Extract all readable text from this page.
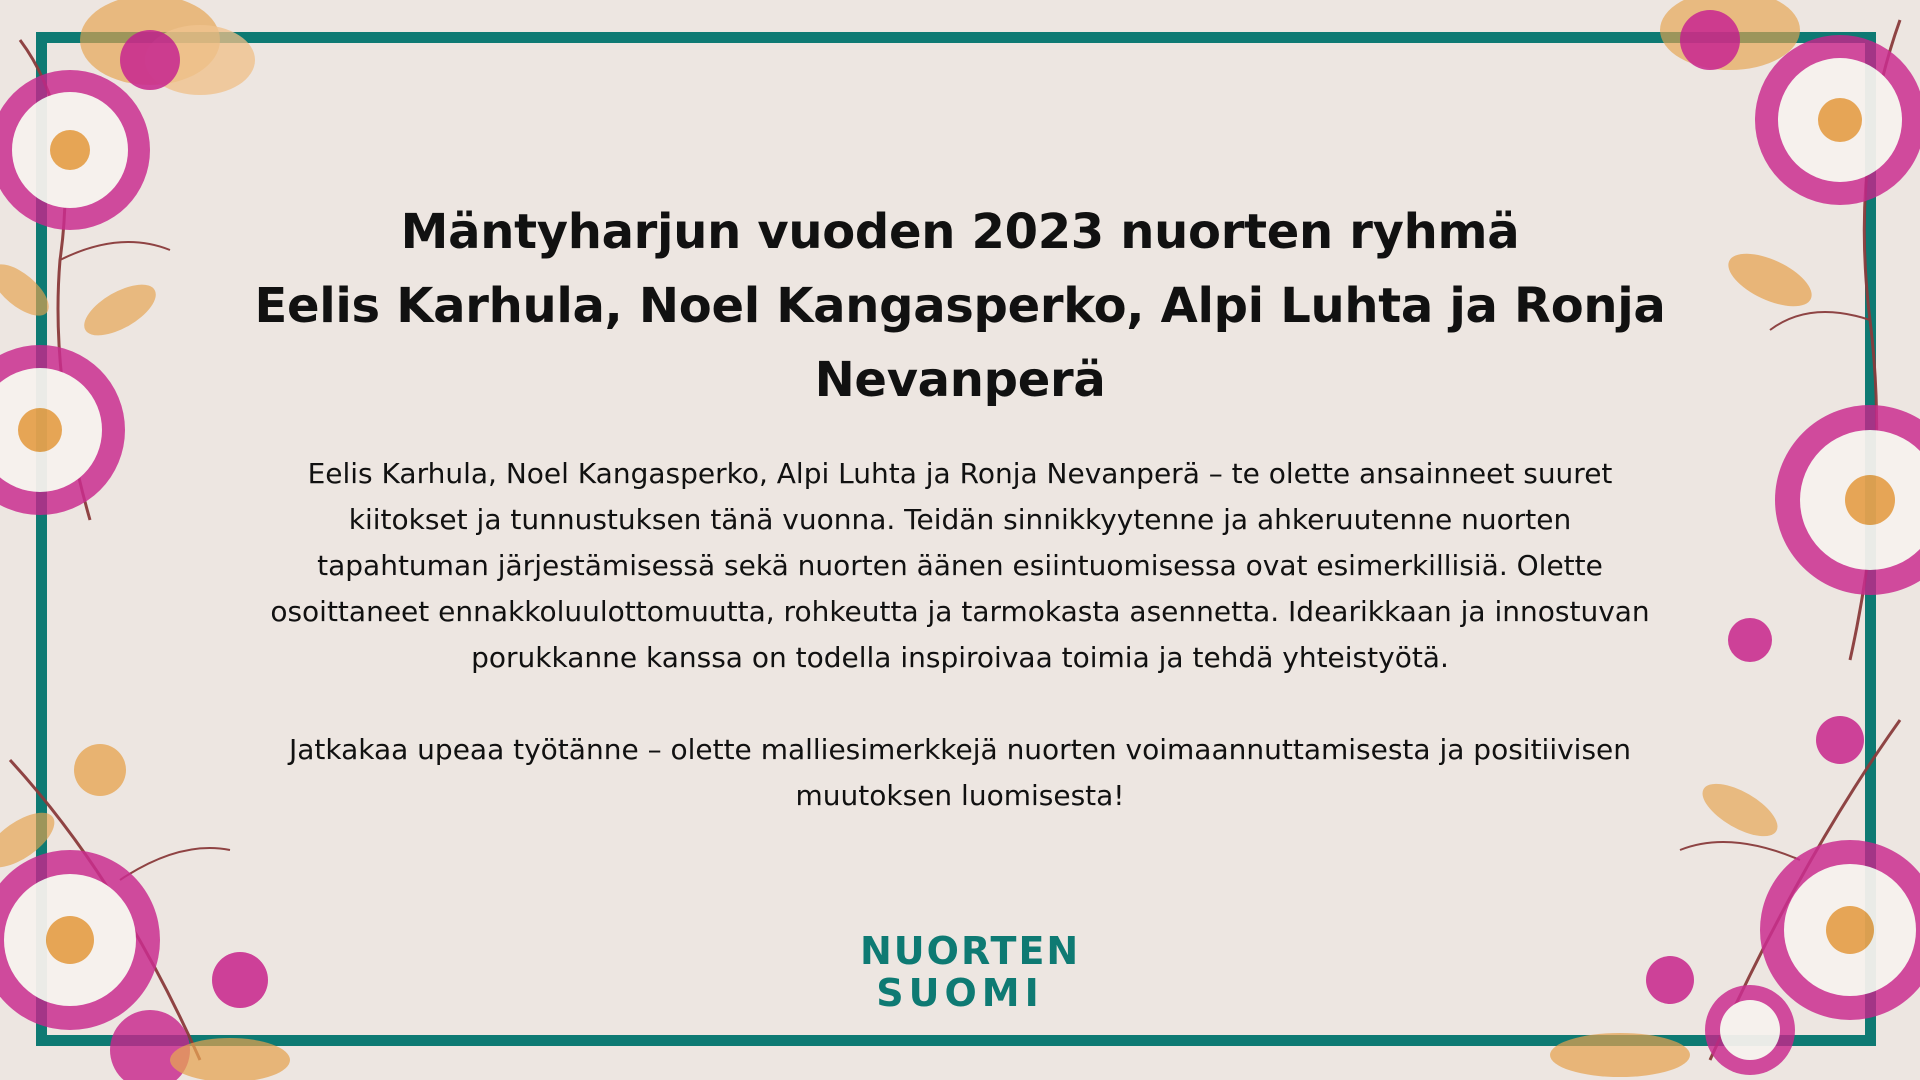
Mäntyharjun vuoden 2023 nuorten ryhmä
Eelis Karhula, Noel Kangasperko, Alpi Luhta ja Ronja Nevanperä

Eelis Karhula, Noel Kangasperko, Alpi Luhta ja Ronja Nevanperä – te olette ansainneet suuret kiitokset ja tunnustuksen tänä vuonna. Teidän sinnikkyytenne ja ahkeruutenne nuorten tapahtuman järjestämisessä sekä nuorten äänen esiintuomisessa ovat esimerkillisiä. Olette osoittaneet ennakkoluulottomuutta, rohkeutta ja tarmokasta asennetta. Idearikkaan ja innostuvan porukkanne kanssa on todella inspiroivaa toimia ja tehdä yhteistyötä.

Jatkakaa upeaa työtänne – olette malliesimerkkejä nuorten voimaannuttamisesta ja positiivisen muutoksen luomisesta!

NUORTEN
SUOMI
